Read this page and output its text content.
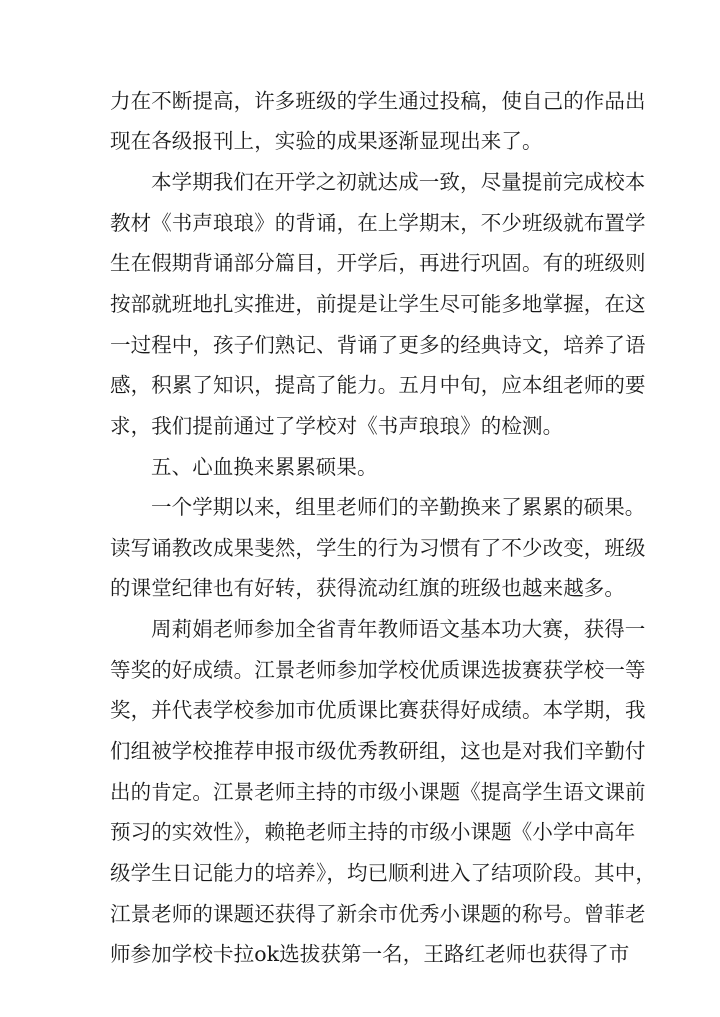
力在不断提高，许多班级的学生通过投稿，使自己的作品出
现在各级报刊上，实验的成果逐渐显现出来了。
本学期我们在开学之初就达成一致，尽量提前完成校本
教材《书声琅琅》的背诵，在上学期末，不少班级就布置学
生在假期背诵部分篇目，开学后，再进行巩固。有的班级则
按部就班地扎实推进，前提是让学生尽可能多地掌握，在这
一过程中，孩子们熟记、背诵了更多的经典诗文，培养了语
感，积累了知识，提高了能力。五月中旬，应本组老师的要
求，我们提前通过了学校对《书声琅琅》的检测。
五、心血换来累累硕果。
一个学期以来，组里老师们的辛勤换来了累累的硕果。
读写诵教改成果斐然，学生的行为习惯有了不少改变，班级
的课堂纪律也有好转，获得流动红旗的班级也越来越多。
周莉娟老师参加全省青年教师语文基本功大赛，获得一
等奖的好成绩。江景老师参加学校优质课选拔赛获学校一等
奖，并代表学校参加市优质课比赛获得好成绩。本学期，我
们组被学校推荐申报市级优秀教研组，这也是对我们辛勤付
出的肯定。江景老师主持的市级小课题《提高学生语文课前
预习的实效性》，赖艳老师主持的市级小课题《小学中高年
级学生日记能力的培养》，均已顺利进入了结项阶段。其中，
江景老师的课题还获得了新余市优秀小课题的称号。曾菲老
师参加学校卡拉ok选拔获第一名，王路红老师也获得了市
